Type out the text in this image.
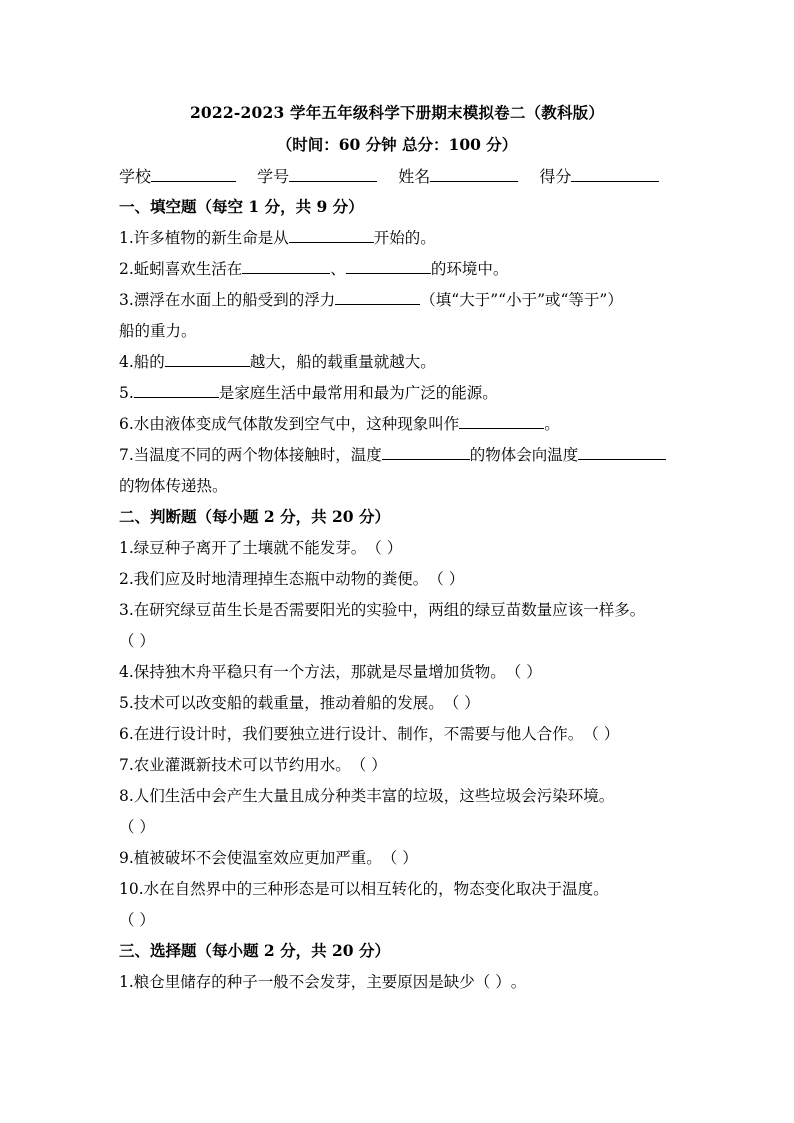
2022-2023 学年五年级科学下册期末模拟卷二（教科版）
（时间：60 分钟 总分：100 分）
学校	学号	姓名	得分
一、填空题（每空 1 分，共 9 分）
1.许多植物的新生命是从	开始的。
2.蚯蚓喜欢生活在	、	的环境中。
3.漂浮在水面上的船受到的浮力	（填“大于”“小于”或“等于”）
船的重力。
4.船的	越大，船的载重量就越大。
5.	是家庭生活中最常用和最为广泛的能源。
6.水由液体变成气体散发到空气中，这种现象叫作	。
7.当温度不同的两个物体接触时，温度	的物体会向温度
的物体传递热。
二、判断题（每小题 2 分，共 20 分）
1.绿豆种子离开了土壤就不能发芽。（ ）
2.我们应及时地清理掉生态瓶中动物的粪便。（ ）
3.在研究绿豆苗生长是否需要阳光的实验中，两组的绿豆苗数量应该一样多。
（ ）
4.保持独木舟平稳只有一个方法，那就是尽量增加货物。（ ）
5.技术可以改变船的载重量，推动着船的发展。（ ）
6.在进行设计时，我们要独立进行设计、制作，不需要与他人合作。（ ）
7.农业灌溉新技术可以节约用水。（ ）
8.人们生活中会产生大量且成分种类丰富的垃圾，这些垃圾会污染环境。
（ ）
9.植被破坏不会使温室效应更加严重。（ ）
10.水在自然界中的三种形态是可以相互转化的，物态变化取决于温度。
（ ）
三、选择题（每小题 2 分，共 20 分）
1.粮仓里储存的种子一般不会发芽，主要原因是缺少（ ）。
